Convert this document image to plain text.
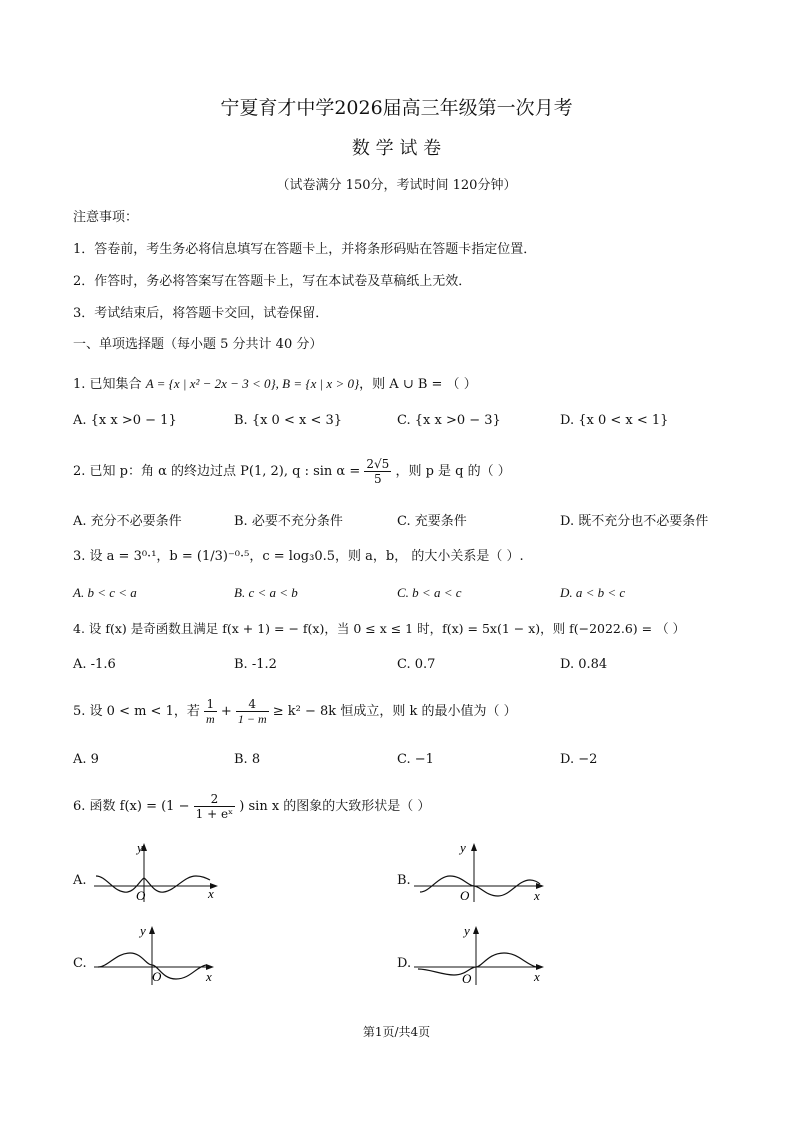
宁夏育才中学2026届高三年级第一次月考
数 学 试 卷
（试卷满分 150分，考试时间 120分钟）
注意事项：
1．答卷前，考生务必将信息填写在答题卡上，并将条形码贴在答题卡指定位置．
2．作答时，务必将答案写在答题卡上，写在本试卷及草稿纸上无效．
3．考试结束后，将答题卡交回，试卷保留．
一、单项选择题（每小题 5 分共计 40 分）
1. 已知集合 A = {x | x² − 2x − 3 < 0}, B = {x | x > 0}，则 A ∪ B = （ ）
A. {x x >0 − 1}	B. {x 0 < x < 3}	C. {x x >0 − 3}	D. {x 0 < x < 1}
2. 已知 p：角 α 的终边过点 P(1, 2), q : $\sin \alpha = \frac{2√5}{5}$ ，则 p 是 q 的（ ）
A. 充分不必要条件	B. 必要不充分条件	C. 充要条件	D. 既不充分也不必要条件
3. 设 a = 3⁰·¹，b = (1/3)⁻⁰·⁵，c = log₃0.5，则 a，b， 的大小关系是（ ）.
A. b < c < a	B. c < a < b	C. b < a < c	D. a < b < c
4. 设 f(x) 是奇函数且满足 f(x + 1) = − f(x)，当 0 ≤ x ≤ 1 时，f(x) = 5x(1 − x)，则 f(−2022.6) = （ ）
A. -1.6	B. -1.2	C. 0.7	D. 0.84
5. 设 0 < m < 1，若 $\frac{1}{m} + \frac{4}{1 - m} \ge k^2 - 8k$ 恒成立，则 k 的最小值为（ ）
A. 9	B. 8	C. −1	D. −2
6. 函数 $f(x) = (1 - \frac{2}{\text{1 + eˣ}}$ ) sin x 的图象的大致形状是（ ）
A.	B.
C.	D.
x
y
O	x
y
O
x
y
O	x
y
O
第1页/共4页
